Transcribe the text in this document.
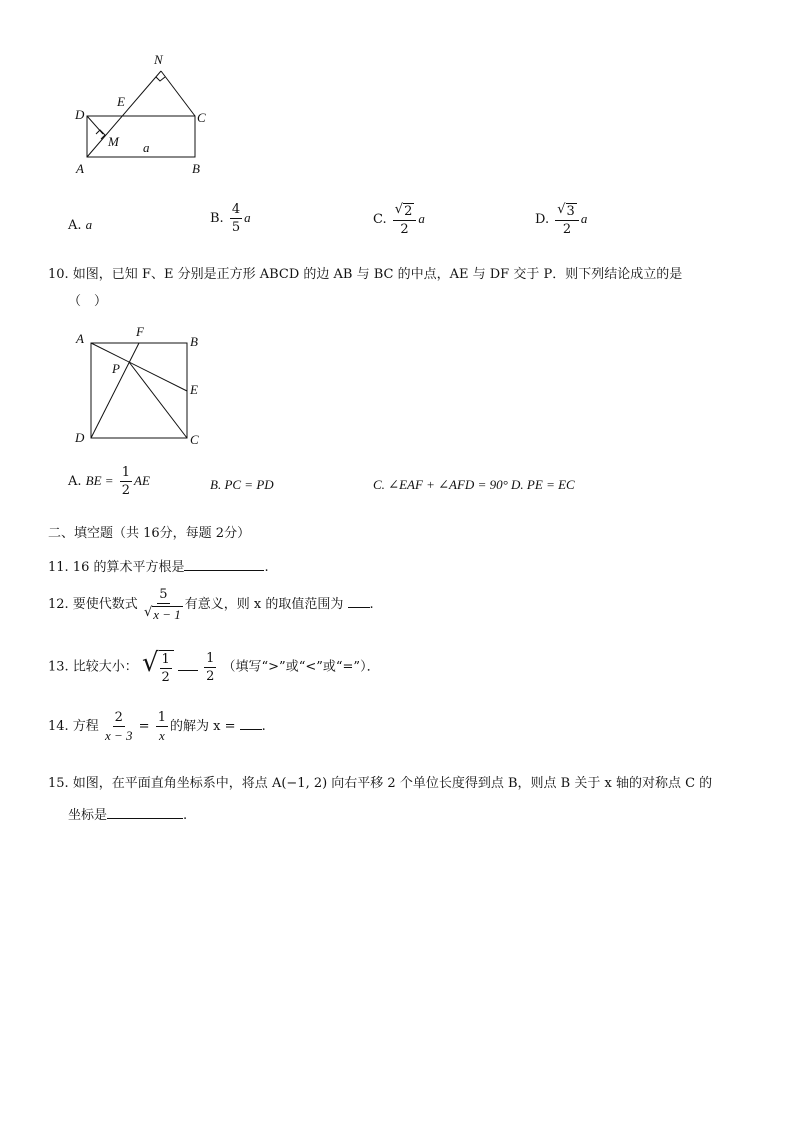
N
E
D	C
M a
A	B
A. a	B. $\frac{4}{5}$ a	C. $\frac{√ 2}{2}$ a	D. $\frac{√ 3}{2}$ a
10. 如图，已知 F、E 分别是正方形 ABCD 的边 AB 与 BC 的中点，AE 与 DF 交于 P．则下列结论成立的是
（　）
A	F
B
P
E
D	C
A. BE = $\frac{1}{2}$ AE	B. PC = PD	C. ∠EAF + ∠AFD = 90° D. PE = EC
二、填空题（共 16分，每题 2分）
11. 16 的算术平方根是	.
12. 要使代数式 $\frac{5}{√ x - 1}$ 有意义，则 x 的取值范围为 .
13. 比较大小： √ $\frac{1}{2}$
$\frac{1}{2}$ （填写“>”或“<”或“=”）．
14. 方程 $\frac{2}{x - 3} = \frac{1}{x}$ 的解为 x = .
15. 如图，在平面直角坐标系中，将点 A(−1, 2) 向右平移 2 个单位长度得到点 B，则点 B 关于 x 轴的对称点 C 的
坐标是	.
